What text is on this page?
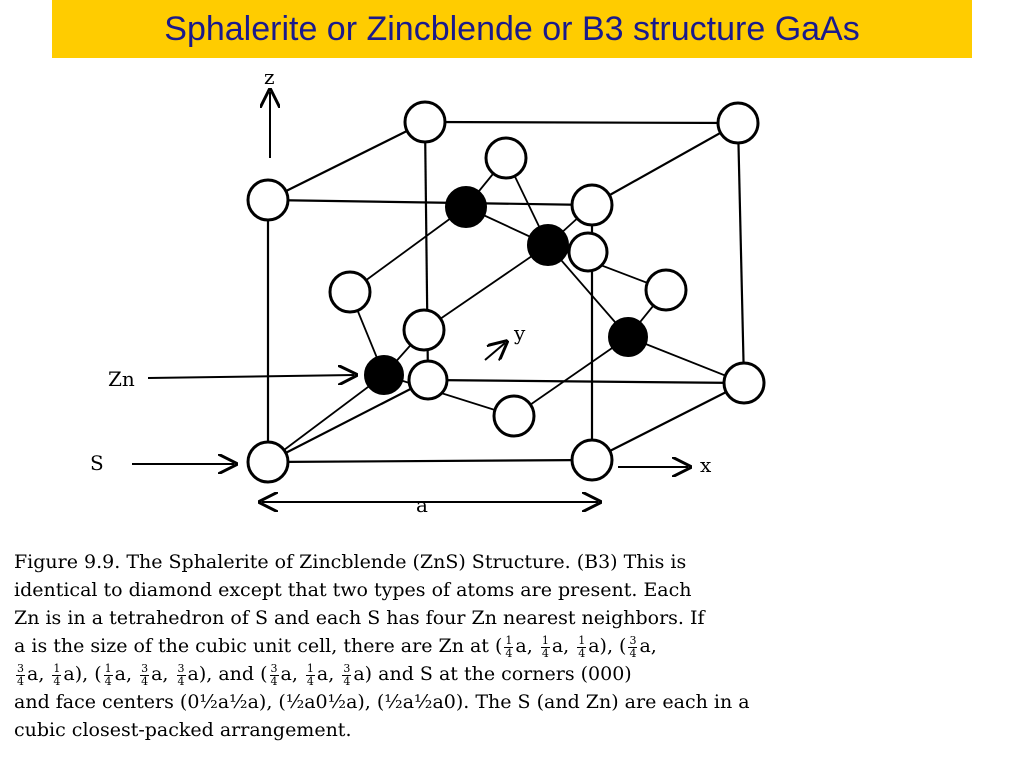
Sphalerite or Zincblende or B3 structure GaAs
z
y
x
Zn
S
a
Figure 9.9. The Sphalerite of Zincblende (ZnS) Structure. (B3) This is
identical to diamond except that two types of atoms are present. Each
Zn is in a tetrahedron of S and each S has four Zn nearest neighbors. If
a is the size of the cubic unit cell, there are Zn at ( $\frac{1}{4} a$, $\frac{1}{4} a$, $\frac{1}{4} a$), ( $\frac{3}{4} a$,
$\frac{3}{4} a$, $\frac{1}{4} a$), ( $\frac{1}{4} a$, $\frac{3}{4} a$, $\frac{3}{4} a$), and ( $\frac{3}{4} a$, $\frac{1}{4} a$, $\frac{3}{4} a$) and S at the corners (000)
and face centers (0½a½a), (½a0½a), (½a½a0). The S (and Zn) are each in a
cubic closest-packed arrangement.
